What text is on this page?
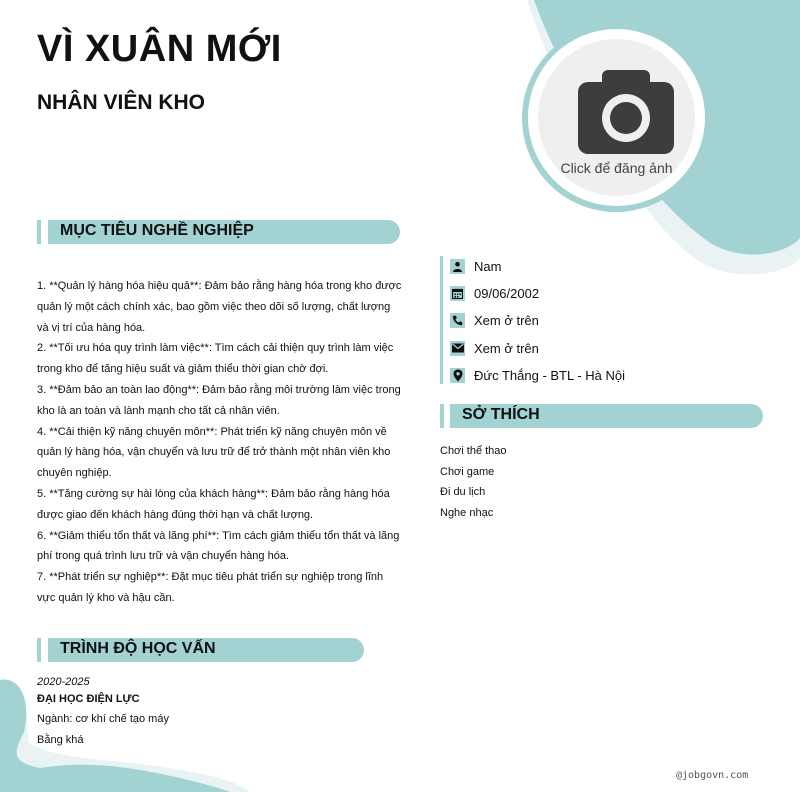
VÌ XUÂN MỚI
NHÂN VIÊN KHO
Click để đăng ảnh
MỤC TIÊU NGHỀ NGHIỆP

1. **Quản lý hàng hóa hiệu quả**: Đảm bảo rằng hàng hóa trong kho được quản lý một cách chính xác, bao gồm việc theo dõi số lượng, chất lượng và vị trí của hàng hóa.

2. **Tối ưu hóa quy trình làm việc**: Tìm cách cải thiện quy trình làm việc trong kho để tăng hiệu suất và giảm thiểu thời gian chờ đợi.

3. **Đảm bảo an toàn lao động**: Đảm bảo rằng môi trường làm việc trong kho là an toàn và lành mạnh cho tất cả nhân viên.

4. **Cải thiện kỹ năng chuyên môn**: Phát triển kỹ năng chuyên môn về quản lý hàng hóa, vận chuyển và lưu trữ để trở thành một nhân viên kho chuyên nghiệp.

5. **Tăng cường sự hài lòng của khách hàng**: Đảm bảo rằng hàng hóa được giao đến khách hàng đúng thời hạn và chất lượng.

6. **Giảm thiểu tổn thất và lãng phí**: Tìm cách giảm thiểu tổn thất và lãng phí trong quá trình lưu trữ và vận chuyển hàng hóa.

7. **Phát triển sự nghiệp**: Đặt mục tiêu phát triển sự nghiệp trong lĩnh vực quản lý kho và hậu cần.

TRÌNH ĐỘ HỌC VẤN
2020-2025
ĐẠI HỌC ĐIỆN LỰC
Ngành: cơ khí chế tạo máy
Bằng khá
Nam
09/06/2002
Xem ở trên
Xem ở trên
Đức Thắng - BTL - Hà Nội
SỞ THÍCH
Chơi thể thao
Chơi game
Đi du lịch
Nghe nhạc
@jobgovn.com
